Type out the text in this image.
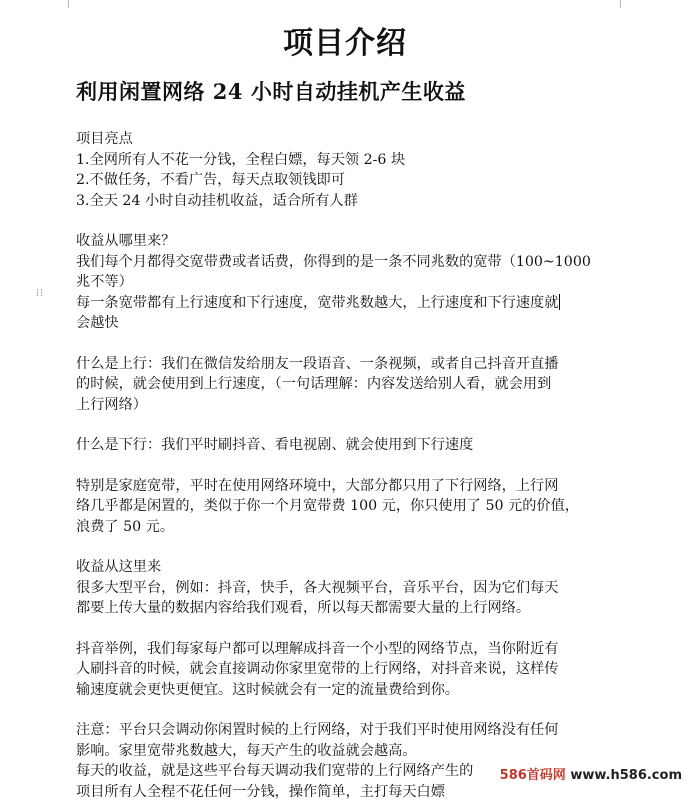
项目介绍
利用闲置网络 24 小时自动挂机产生收益
⁞⁞
项目亮点
1.全网所有人不花一分钱，全程白嫖，每天领 2-6 块
2.不做任务，不看广告，每天点取领钱即可
3.全天 24 小时自动挂机收益，适合所有人群
收益从哪里来？
我们每个月都得交宽带费或者话费，你得到的是一条不同兆数的宽带（100~1000
兆不等）
每一条宽带都有上行速度和下行速度，宽带兆数越大，上行速度和下行速度就
会越快
什么是上行：我们在微信发给朋友一段语音、一条视频，或者自己抖音开直播
的时候，就会使用到上行速度，（一句话理解：内容发送给别人看，就会用到
上行网络）
什么是下行：我们平时刷抖音、看电视剧、就会使用到下行速度
特别是家庭宽带，平时在使用网络环境中，大部分都只用了下行网络，上行网
络几乎都是闲置的，类似于你一个月宽带费 100 元，你只使用了 50 元的价值，
浪费了 50 元。
收益从这里来
很多大型平台，例如：抖音，快手，各大视频平台，音乐平台，因为它们每天
都要上传大量的数据内容给我们观看，所以每天都需要大量的上行网络。
抖音举例，我们每家每户都可以理解成抖音一个小型的网络节点，当你附近有
人刷抖音的时候，就会直接调动你家里宽带的上行网络，对抖音来说，这样传
输速度就会更快更便宜。这时候就会有一定的流量费给到你。
注意：平台只会调动你闲置时候的上行网络，对于我们平时使用网络没有任何
影响。家里宽带兆数越大，每天产生的收益就会越高。
每天的收益，就是这些平台每天调动我们宽带的上行网络产生的
项目所有人全程不花任何一分钱，操作简单，主打每天白嫖
586首码网 www.h586.com
